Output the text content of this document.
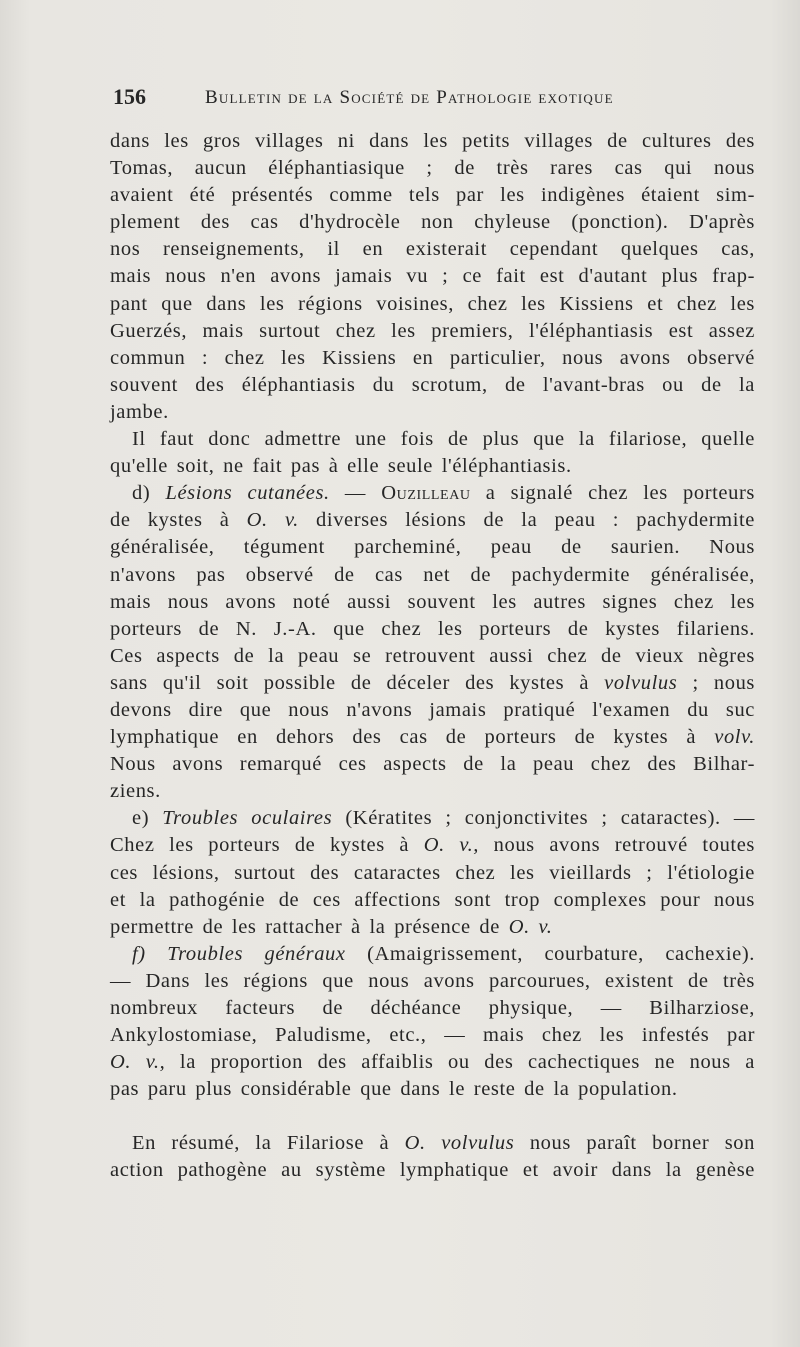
156	Bulletin de la Société de Pathologie exotique
dans les gros villages ni dans les petits villages de cultures des
Tomas, aucun éléphantiasique ; de très rares cas qui nous
avaient été présentés comme tels par les indigènes étaient sim-
plement des cas d'hydrocèle non chyleuse (ponction). D'après
nos renseignements, il en existerait cependant quelques cas,
mais nous n'en avons jamais vu ; ce fait est d'autant plus frap-
pant que dans les régions voisines, chez les Kissiens et chez les
Guerzés, mais surtout chez les premiers, l'éléphantiasis est assez
commun : chez les Kissiens en particulier, nous avons observé
souvent des éléphantiasis du scrotum, de l'avant-bras ou de la
jambe.
Il faut donc admettre une fois de plus que la filariose, quelle
qu'elle soit, ne fait pas à elle seule l'éléphantiasis.
d) Lésions cutanées. — Ouzilleau a signalé chez les porteurs
de kystes à O. v. diverses lésions de la peau : pachydermite
généralisée, tégument parcheminé, peau de saurien. Nous
n'avons pas observé de cas net de pachydermite généralisée,
mais nous avons noté aussi souvent les autres signes chez les
porteurs de N. J.-A. que chez les porteurs de kystes filariens.
Ces aspects de la peau se retrouvent aussi chez de vieux nègres
sans qu'il soit possible de déceler des kystes à volvulus ; nous
devons dire que nous n'avons jamais pratiqué l'examen du suc
lymphatique en dehors des cas de porteurs de kystes à volv.
Nous avons remarqué ces aspects de la peau chez des Bilhar-
ziens.
e) Troubles oculaires (Kératites ; conjonctivites ; cataractes). —
Chez les porteurs de kystes à O. v., nous avons retrouvé toutes
ces lésions, surtout des cataractes chez les vieillards ; l'étiologie
et la pathogénie de ces affections sont trop complexes pour nous
permettre de les rattacher à la présence de O. v.
f) Troubles généraux (Amaigrissement, courbature, cachexie).
— Dans les régions que nous avons parcourues, existent de très
nombreux facteurs de déchéance physique, — Bilharziose,
Ankylostomiase, Paludisme, etc., — mais chez les infestés par
O. v., la proportion des affaiblis ou des cachectiques ne nous a
pas paru plus considérable que dans le reste de la population.
En résumé, la Filariose à O. volvulus nous paraît borner son
action pathogène au système lymphatique et avoir dans la genèse
